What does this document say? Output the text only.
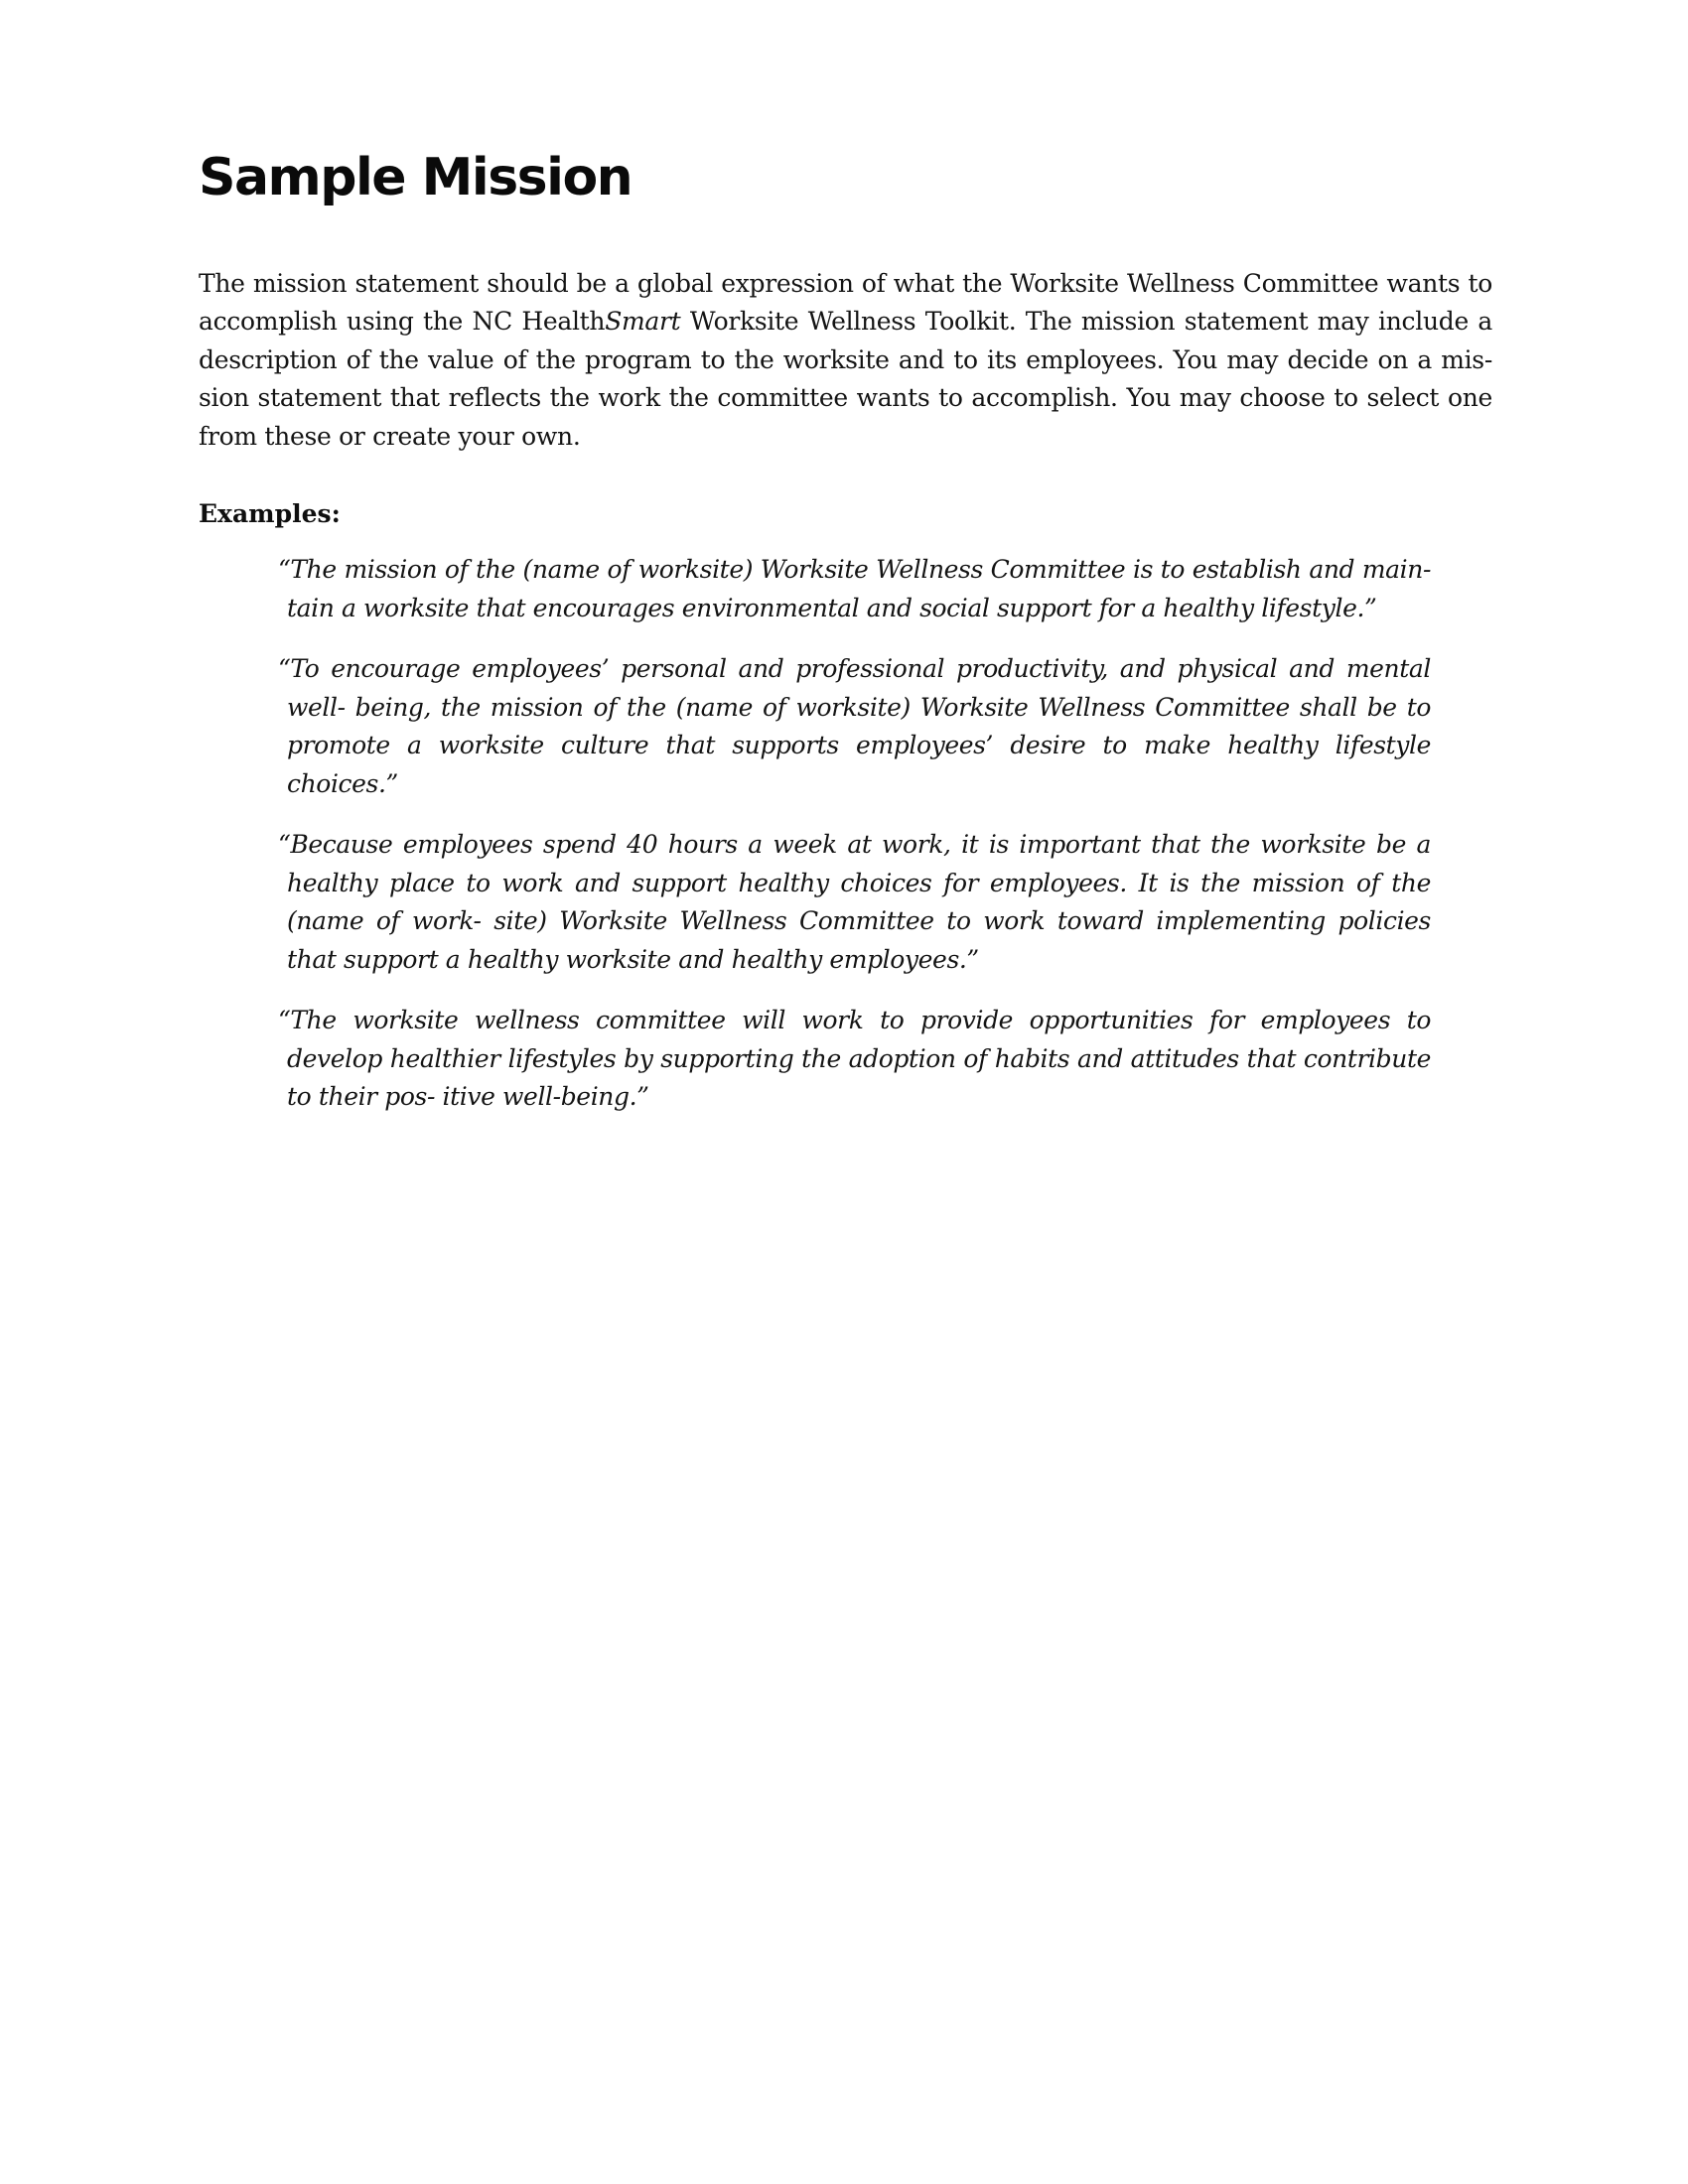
Sample Mission

The mission statement should be a global expression of what the Worksite Wellness Committee wants to accomplish using the NC HealthSmart Worksite Wellness Toolkit. The mission statement may include a description of the value of the program to the worksite and to its employees. You may decide on a mis- sion statement that reflects the work the committee wants to accomplish. You may choose to select one from these or create your own.

Examples:
“The mission of the (name of worksite) Worksite Wellness Committee is to establish and main- tain a worksite that encourages environmental and social support for a healthy lifestyle.”
“To encourage employees’ personal and professional productivity, and physical and mental well- being, the mission of the (name of worksite) Worksite Wellness Committee shall be to promote a worksite culture that supports employees’ desire to make healthy lifestyle choices.”
“Because employees spend 40 hours a week at work, it is important that the worksite be a healthy place to work and support healthy choices for employees. It is the mission of the (name of work- site) Worksite Wellness Committee to work toward implementing policies that support a healthy worksite and healthy employees.”
“The worksite wellness committee will work to provide opportunities for employees to develop healthier lifestyles by supporting the adoption of habits and attitudes that contribute to their pos- itive well-being.”
